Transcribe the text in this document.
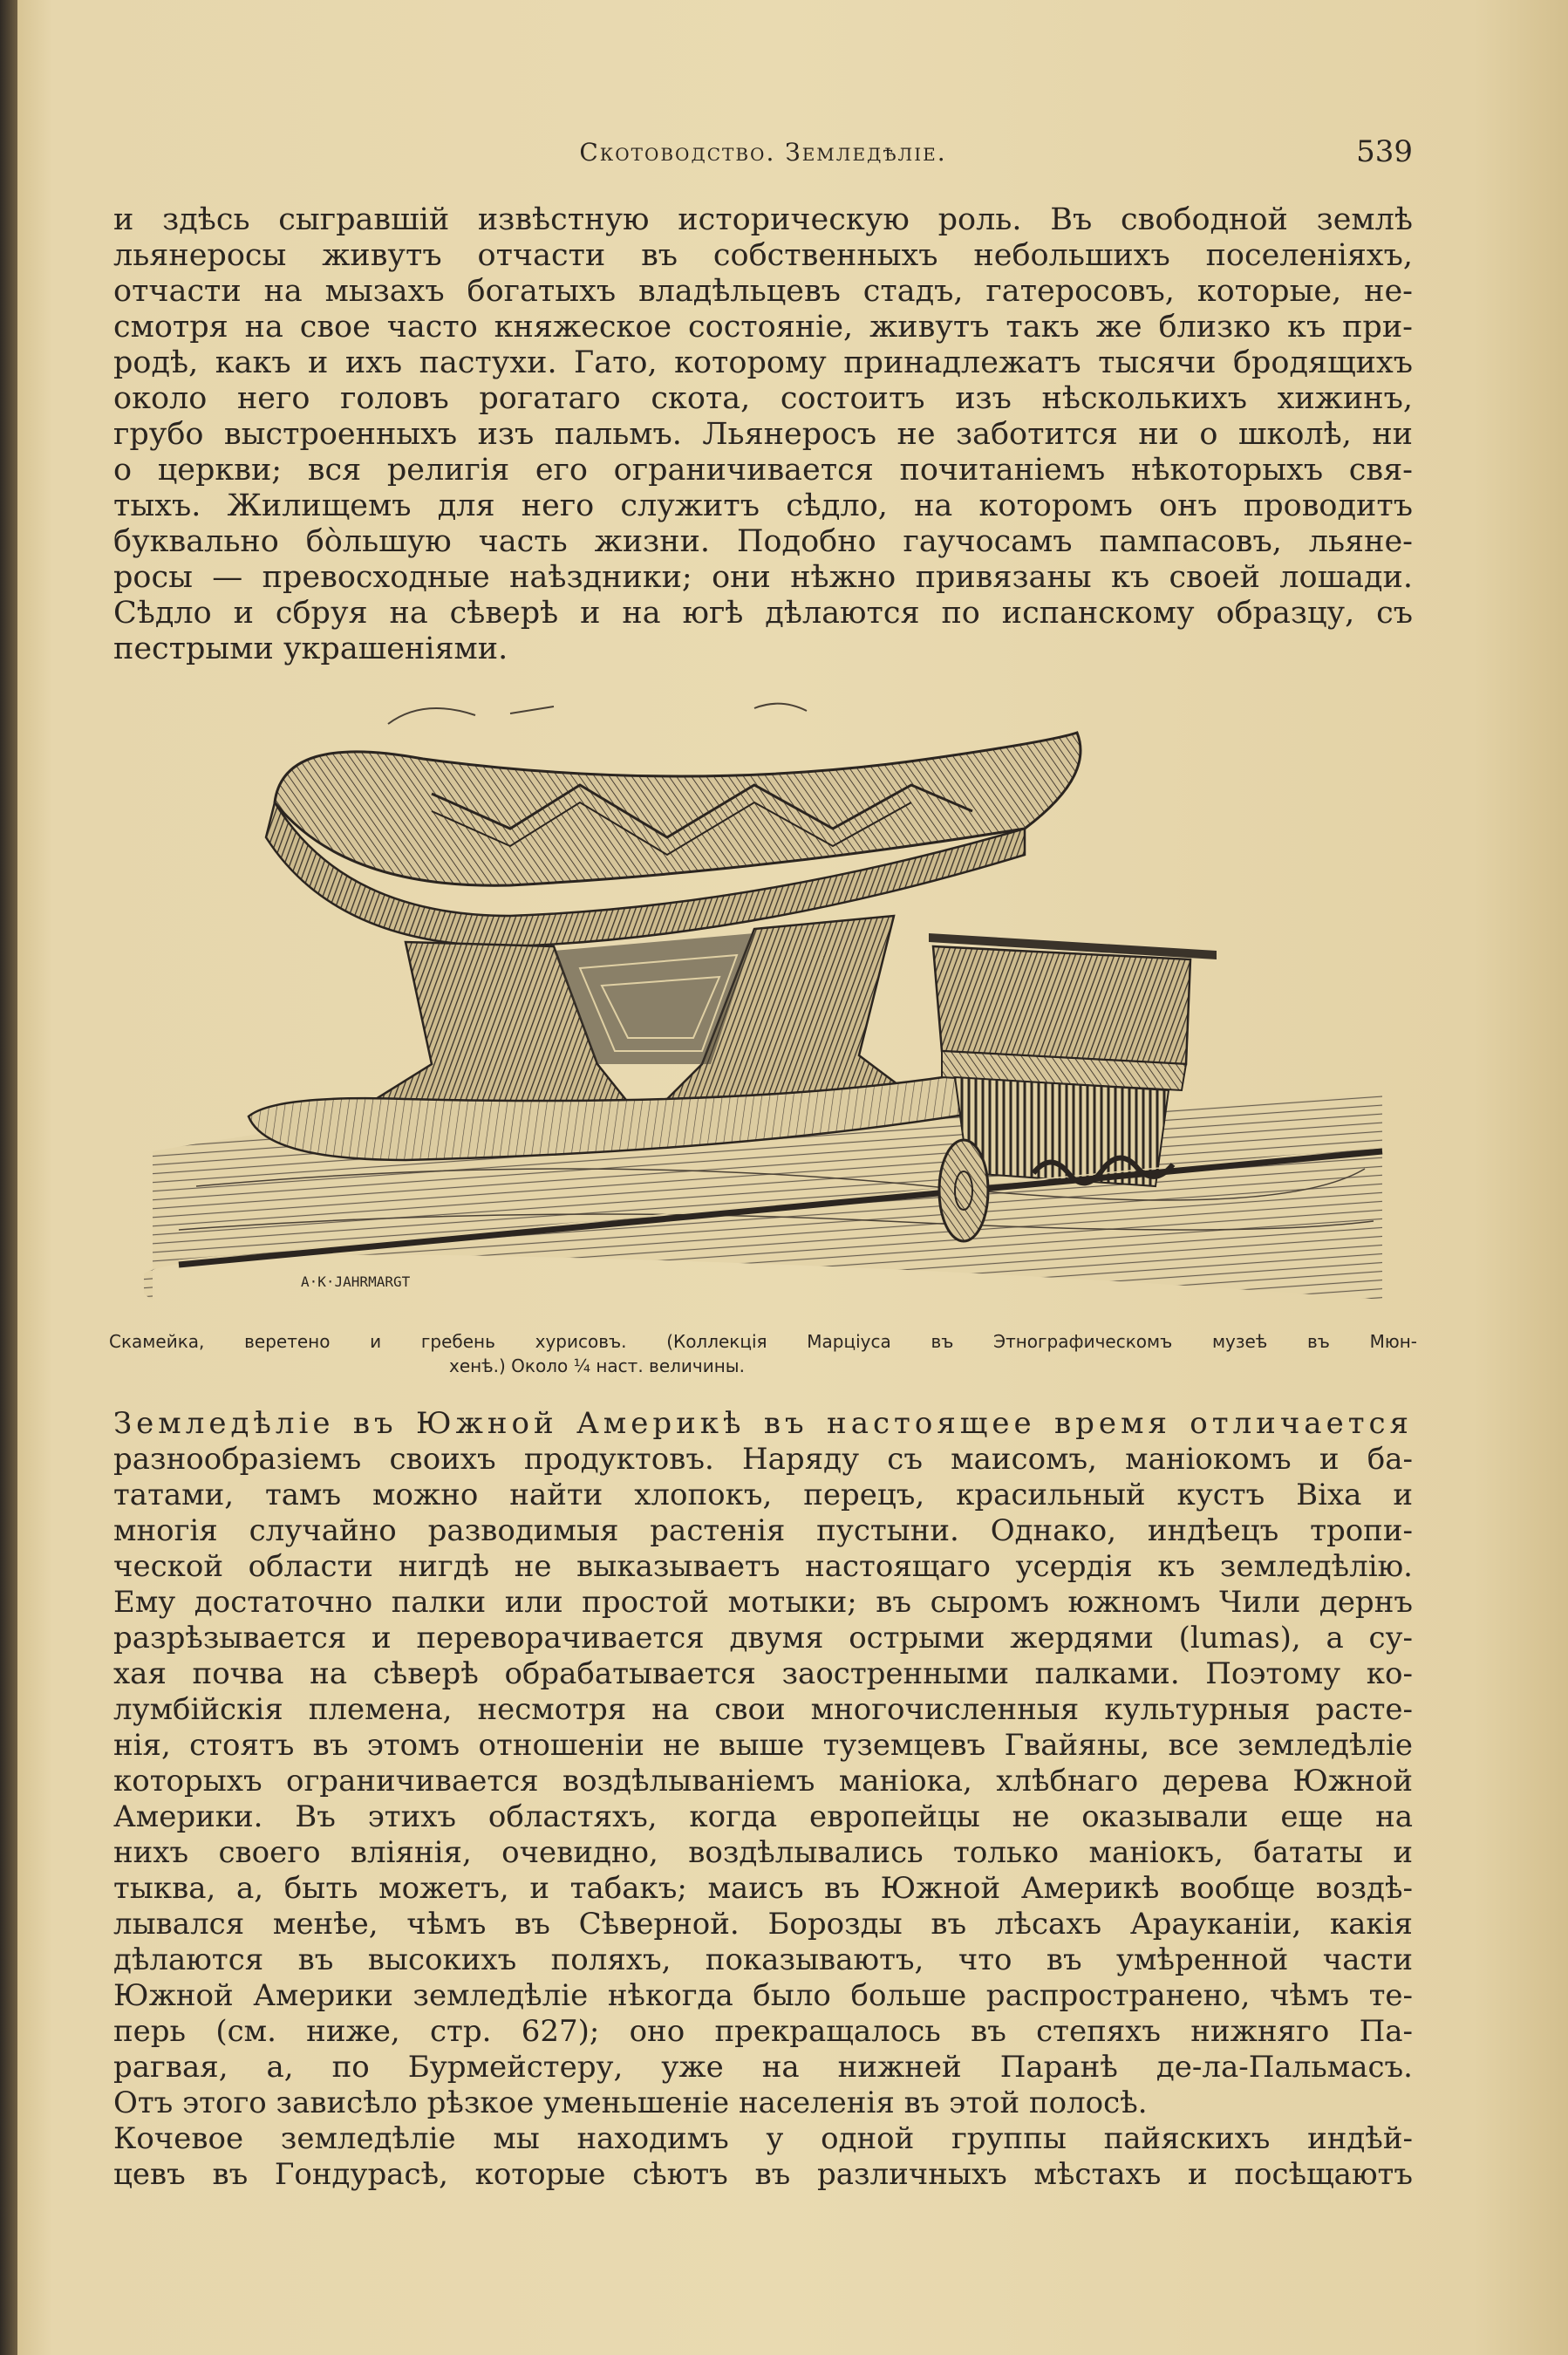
Скотоводство. Земледѣліе.	539

и здѣсь сыгравшій извѣстную историческую роль. Въ свободной землѣ

льянеросы живутъ отчасти въ собственныхъ небольшихъ поселеніяхъ,

отчасти на мызахъ богатыхъ владѣльцевъ стадъ, гатеросовъ, которые, не-

смотря на свое часто княжеское состояніе, живутъ такъ же близко къ при-

родѣ, какъ и ихъ пастухи. Гато, которому принадлежатъ тысячи бродящихъ

около него головъ рогатаго скота, состоитъ изъ нѣсколькихъ хижинъ,

грубо выстроенныхъ изъ пальмъ. Льянеросъ не заботится ни о школѣ, ни

о церкви; вся религія его ограничивается почитаніемъ нѣкоторыхъ свя-

тыхъ. Жилищемъ для него служитъ сѣдло, на которомъ онъ проводитъ

буквально бо̀льшую часть жизни. Подобно гаучосамъ пампасовъ, льяне-

росы — превосходные наѣздники; они нѣжно привязаны къ своей лошади.

Сѣдло и сбруя на сѣверѣ и на югѣ дѣлаются по испанскому образцу, съ

пестрыми украшеніями.

A·K·JAHRMARGT
Скамейка, веретено и гребень хурисовъ. (Коллекція Марціуса въ Этнографическомъ музеѣ въ Мюн-
хенѣ.) Около ¼ наст. величины.

Земледѣліе въ Южной Америкѣ въ настоящее время отличается

разнообразіемъ своихъ продуктовъ. Наряду съ маисомъ, маніокомъ и ба-

татами, тамъ можно найти хлопокъ, перецъ, красильный кустъ Bixa и

многія случайно разводимыя растенія пустыни. Однако, индѣецъ тропи-

ческой области нигдѣ не выказываетъ настоящаго усердія къ земледѣлію.

Ему достаточно палки или простой мотыки; въ сыромъ южномъ Чили дернъ

разрѣзывается и переворачивается двумя острыми жердями (lumas), а су-

хая почва на сѣверѣ обрабатывается заостренными палками. Поэтому ко-

лумбійскія племена, несмотря на свои многочисленныя культурныя расте-

нія, стоятъ въ этомъ отношеніи не выше туземцевъ Гвайяны, все земледѣліе

которыхъ ограничивается воздѣлываніемъ маніока, хлѣбнаго дерева Южной

Америки. Въ этихъ областяхъ, когда европейцы не оказывали еще на

нихъ своего вліянія, очевидно, воздѣлывались только маніокъ, бататы и

тыква, а, быть можетъ, и табакъ; маисъ въ Южной Америкѣ вообще воздѣ-

лывался менѣе, чѣмъ въ Сѣверной. Борозды въ лѣсахъ Арауканіи, какія

дѣлаются въ высокихъ поляхъ, показываютъ, что въ умѣренной части

Южной Америки земледѣліе нѣкогда было больше распространено, чѣмъ те-

перь (см. ниже, стр. 627); оно прекращалось въ степяхъ нижняго Па-

рагвая, а, по Бурмейстеру, уже на нижней Паранѣ де-ла-Пальмасъ.

Отъ этого зависѣло рѣзкое уменьшеніе населенія въ этой полосѣ.

Кочевое земледѣліе мы находимъ у одной группы пайяскихъ индѣй-

цевъ въ Гондурасѣ, которые сѣютъ въ различныхъ мѣстахъ и посѣщаютъ
